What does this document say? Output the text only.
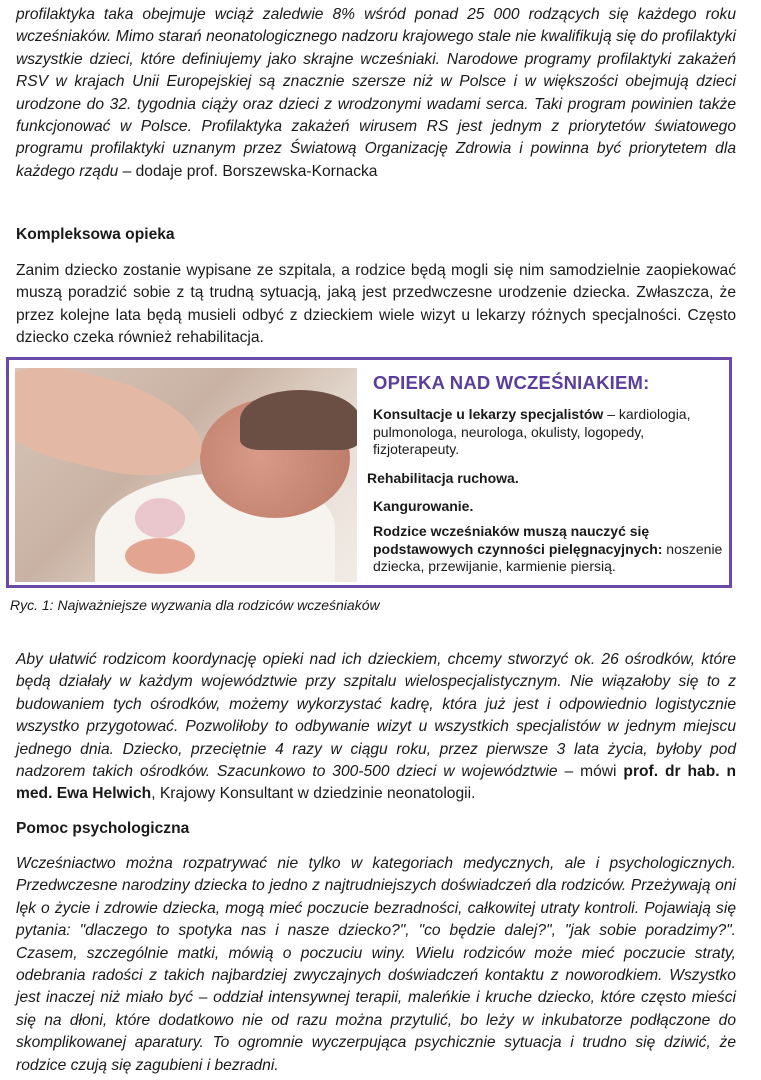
profilaktyka taka obejmuje wciąż zaledwie 8% wśród ponad 25 000 rodzących się każdego roku wcześniaków. Mimo starań neonatologicznego nadzoru krajowego stale nie kwalifikują się do profilaktyki wszystkie dzieci, które definiujemy jako skrajne wcześniaki. Narodowe programy profilaktyki zakażeń RSV w krajach Unii Europejskiej są znacznie szersze niż w Polsce i w większości obejmują dzieci urodzone do 32. tygodnia ciąży oraz dzieci z wrodzonymi wadami serca. Taki program powinien także funkcjonować w Polsce. Profilaktyka zakażeń wirusem RS jest jednym z priorytetów światowego programu profilaktyki uznanym przez Światową Organizację Zdrowia i powinna być priorytetem dla każdego rządu – dodaje prof. Borszewska-Kornacka

Kompleksowa opieka

Zanim dziecko zostanie wypisane ze szpitala, a rodzice będą mogli się nim samodzielnie zaopiekować muszą poradzić sobie z tą trudną sytuacją, jaką jest przedwczesne urodzenie dziecka. Zwłaszcza, że przez kolejne lata będą musieli odbyć z dzieckiem wiele wizyt u lekarzy różnych specjalności. Często dziecko czeka również rehabilitacja.

OPIEKA NAD WCZEŚNIAKIEM:
Konsultacje u lekarzy specjalistów – kardiologia, pulmonologa, neurologa, okulisty, logopedy, fizjoterapeuty.
Rehabilitacja ruchowa.
Kangurowanie.
Rodzice wcześniaków muszą nauczyć się podstawowych czynności pielęgnacyjnych: noszenie dziecka, przewijanie, karmienie piersią.
Ryc. 1: Najważniejsze wyzwania dla rodziców wcześniaków

Aby ułatwić rodzicom koordynację opieki nad ich dzieckiem, chcemy stworzyć ok. 26 ośrodków, które będą działały w każdym województwie przy szpitalu wielospecjalistycznym. Nie wiązałoby się to z budowaniem tych ośrodków, możemy wykorzystać kadrę, która już jest i odpowiednio logistycznie wszystko przygotować. Pozwoliłoby to odbywanie wizyt u wszystkich specjalistów w jednym miejscu jednego dnia. Dziecko, przeciętnie 4 razy w ciągu roku, przez pierwsze 3 lata życia, byłoby pod nadzorem takich ośrodków. Szacunkowo to 300-500 dzieci w województwie – mówi prof. dr hab. n med. Ewa Helwich, Krajowy Konsultant w dziedzinie neonatologii.

Pomoc psychologiczna

Wcześniactwo można rozpatrywać nie tylko w kategoriach medycznych, ale i psychologicznych. Przedwczesne narodziny dziecka to jedno z najtrudniejszych doświadczeń dla rodziców. Przeżywają oni lęk o życie i zdrowie dziecka, mogą mieć poczucie bezradności, całkowitej utraty kontroli. Pojawiają się pytania: "dlaczego to spotyka nas i nasze dziecko?", "co będzie dalej?", "jak sobie poradzimy?". Czasem, szczególnie matki, mówią o poczuciu winy. Wielu rodziców może mieć poczucie straty, odebrania radości z takich najbardziej zwyczajnych doświadczeń kontaktu z noworodkiem. Wszystko jest inaczej niż miało być – oddział intensywnej terapii, maleńkie i kruche dziecko, które często mieści się na dłoni, które dodatkowo nie od razu można przytulić, bo leży w inkubatorze podłączone do skomplikowanej aparatury. To ogromnie wyczerpująca psychicznie sytuacja i trudno się dziwić, że rodzice czują się zagubieni i bezradni.
